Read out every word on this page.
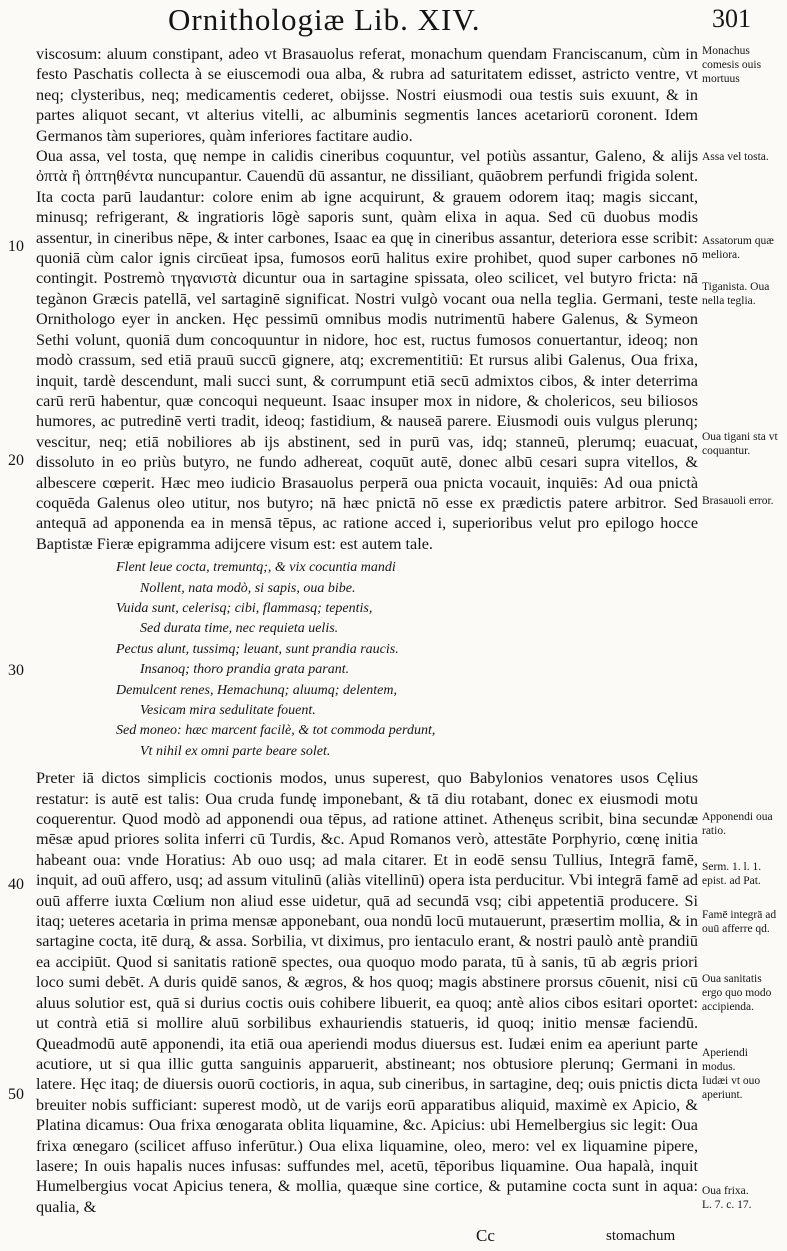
Ornithologiæ Lib. XIV.	301

viscosum: aluum constipant, adeo vt Brasauolus referat, monachum quendam Franciscanum, cùm in festo Paschatis collecta à se eiuscemodi oua alba, & rubra ad saturitatem edisset, astricto ventre, vt neq; clysteribus, neq; medicamentis cederet, obijsse. Nostri eiusmodi oua testis suis exuunt, & in partes aliquot secant, vt alterius vitelli, ac albuminis segmentis lances acetariorū coronent. Idem Germanos tàm superiores, quàm inferiores factitare audio.

Oua assa, vel tosta, quę nempe in calidis cineribus coquuntur, vel potiùs assantur, Galeno, & alijs ὀπτὰ ἢ ὀπτηθέντα nuncupantur. Cauendū dū assantur, ne dissiliant, quāobrem perfundi frigida solent. Ita cocta parū laudantur: colore enim ab igne acquirunt, & grauem odorem itaq; magis siccant, minusq; refrigerant, & ingratioris lōgè saporis sunt, quàm elixa in aqua. Sed cū duobus modis assentur, in cineribus nēpe, & inter carbones, Isaac ea quę in cineribus assantur, deteriora esse scribit: quoniā cùm calor ignis circūeat ipsa, fumosos eorū halitus exire prohibet, quod super carbones nō contingit. Postremò τηγανιστὰ dicuntur oua in sartagine spissata, oleo scilicet, vel butyro fricta: nā tegànon Græcis patellā, vel sartaginē significat. Nostri vulgò vocant oua nella teglia. Germani, teste Ornithologo eyer in ancken. Hęc pessimū omnibus modis nutrimentū habere Galenus, & Symeon Sethi volunt, quoniā dum concoquuntur in nidore, hoc est, ructus fumosos conuertantur, ideoq; non modò crassum, sed etiā prauū succū gignere, atq; excrementitiū: Et rursus alibi Galenus, Oua frixa, inquit, tardè descendunt, mali succi sunt, & corrumpunt etiā secū admixtos cibos, & inter deterrima carū rerū habentur, quæ concoqui nequeunt. Isaac insuper mox in nidore, & cholericos, seu biliosos humores, ac putredinē verti tradit, ideoq; fastidium, & nauseā parere. Eiusmodi ouis vulgus plerunq; vescitur, neq; etiā nobiliores ab ijs abstinent, sed in purū vas, idq; stanneū, plerumq; euacuat, dissoluto in eo priùs butyro, ne fundo adhereat, coquūt autē, donec albū cesari supra vitellos, & albescere cœperit. Hæc meo iudicio Brasauolus perperā oua pnicta vocauit, inquiēs: Ad oua pnictà coquēda Galenus oleo utitur, nos butyro; nā hæc pnictā nō esse ex prædictis patere arbitror. Sed antequā ad apponenda ea in mensā tēpus, ac ratione acced i, superioribus velut pro epilogo hocce Baptistæ Fieræ epigramma adijcere visum est: est autem tale.

Flent leue cocta, tremuntq;, & vix cocuntia mandi
Nollent, nata modò, si sapis, oua bibe.
Vuida sunt, celerisq; cibi, flammasq; tepentis,
Sed durata time, nec requieta uelis.
Pectus alunt, tussimq; leuant, sunt prandia raucis.
Insanoq; thoro prandia grata parant.
Demulcent renes, Hemachunq; aluumq; delentem,
Vesicam mira sedulitate fouent.
Sed moneo: hæc marcent facilè, & tot commoda perdunt,
Vt nihil ex omni parte beare solet.

Preter iā dictos simplicis coctionis modos, unus superest, quo Babylonios venatores usos Cęlius restatur: is autē est talis: Oua cruda fundę imponebant, & tā diu rotabant, donec ex eiusmodi motu coquerentur. Quod modò ad apponendi oua tēpus, ad ratione attinet. Athenęus scribit, bina secundæ mēsæ apud priores solita inferri cū Turdis, &c. Apud Romanos verò, attestāte Porphyrio, cœnę initia habeant oua: vnde Horatius: Ab ouo usq; ad mala citarer. Et in eodē sensu Tullius, Integrā famē, inquit, ad ouū affero, usq; ad assum vitulinū (aliàs vitellinū) opera ista perducitur. Vbi integrā famē ad ouū afferre iuxta Cœlium non aliud esse uidetur, quā ad secundā vsq; cibi appetentiā producere. Si itaq; ueteres acetaria in prima mensæ apponebant, oua nondū locū mutauerunt, præsertim mollia, & in sartagine cocta, itē durą, & assa. Sorbilia, vt diximus, pro ientaculo erant, & nostri paulò antè prandiū ea accipiūt. Quod si sanitatis rationē spectes, oua quoquo modo parata, tū à sanis, tū ab ægris priori loco sumi debēt. A duris quidē sanos, & ægros, & hos quoq; magis abstinere prorsus cōuenit, nisi cū aluus solutior est, quā si durius coctis ouis cohibere libuerit, ea quoq; antè alios cibos esitari oportet: ut contrà etiā si mollire aluū sorbilibus exhauriendis statueris, id quoq; initio mensæ faciendū. Queadmodū autē apponendi, ita etiā oua aperiendi modus diuersus est. Iudæi enim ea aperiunt parte acutiore, ut si qua illic gutta sanguinis apparuerit, abstineant; nos obtusiore plerunq; Germani in latere. Hęc itaq; de diuersis ouorū coctioris, in aqua, sub cineribus, in sartagine, deq; ouis pnictis dicta breuiter nobis sufficiant: superest modò, ut de varijs eorū apparatibus aliquid, maximè ex Apicio, & Platina dicamus: Oua frixa œnogarata oblita liquamine, &c. Apicius: ubi Hemelbergius sic legit: Oua frixa œnegaro (scilicet affuso inferūtur.) Oua elixa liquamine, oleo, mero: vel ex liquamine pipere, lasere; In ouis hapalis nuces infusas: suffundes mel, acetū, tēporibus liquamine. Oua hapalà, inquit Humelbergius vocat Apicius tenera, & mollia, quæque sine cortice, & putamine cocta sunt in aqua: qualia, &

Monachus comesis ouis mortuus
Assa vel tosta.
Assatorum quæ meliora.
Tiganista. Oua nella teglia.
Oua tigani sta vt coquantur.
Brasauoli error.
Apponendi oua ratio.
Serm. 1. l. 1. epist. ad Pat.
Famē integrā ad ouū afferre qd.
Oua sanitatis ergo quo modo accipienda.
Aperiendi modus.
Iudæi vt ouo aperiunt.
Oua frixa.
L. 7. c. 17.
10
20
30
40
50
Cc	stomachum
